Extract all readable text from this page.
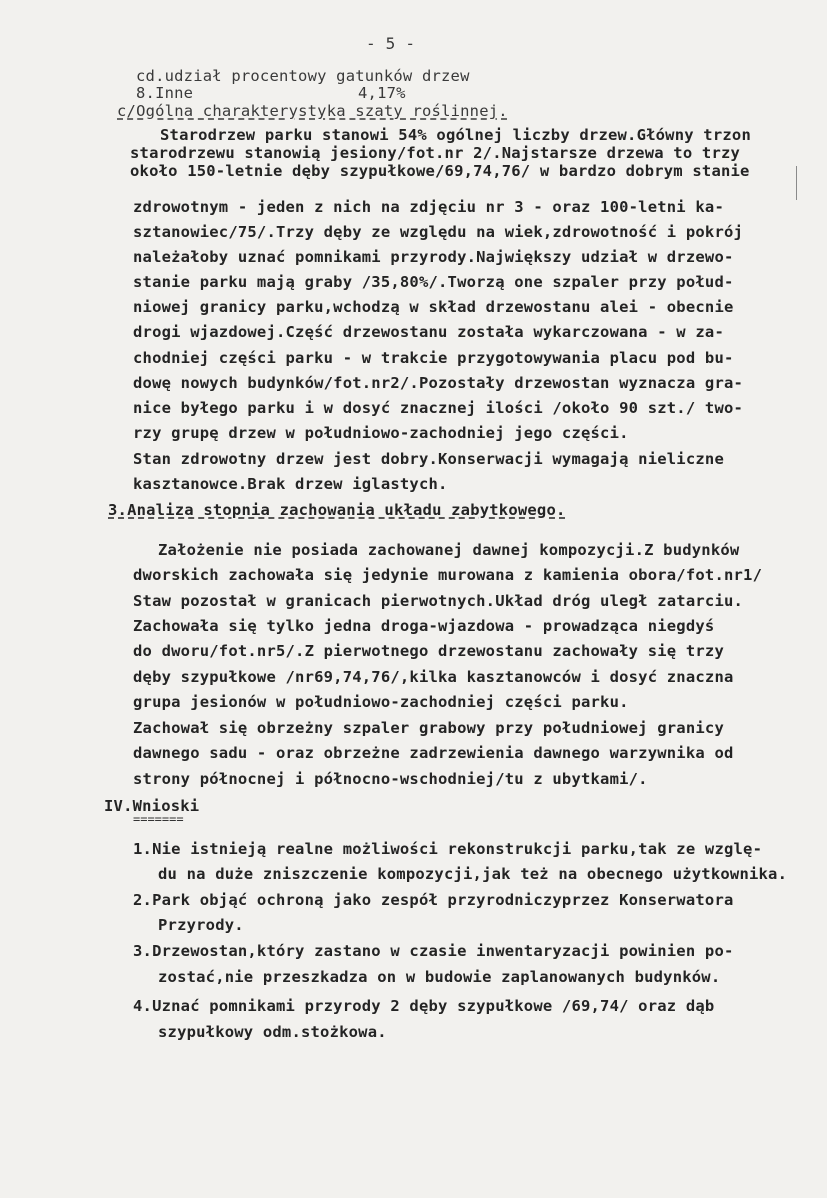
- 5 -
cd.udział procentowy gatunków drzew
8.Inne	4,17%
c/Ogólna charakterystyka szaty roślinnej.
Starodrzew parku stanowi 54% ogólnej liczby drzew.Główny trzon
starodrzewu stanowią jesiony/fot.nr 2/.Najstarsze drzewa to trzy
około 150-letnie dęby szypułkowe/69,74,76/ w bardzo dobrym stanie
zdrowotnym - jeden z nich na zdjęciu nr 3 - oraz 100-letni ka-
sztanowiec/75/.Trzy dęby ze względu na wiek,zdrowotność i pokrój
należałoby uznać pomnikami przyrody.Największy udział w drzewo-
stanie parku mają graby /35,80%/.Tworzą one szpaler przy połud-
niowej granicy parku,wchodzą w skład drzewostanu alei - obecnie
drogi wjazdowej.Część drzewostanu została wykarczowana - w za-
chodniej części parku - w trakcie przygotowywania placu pod bu-
dowę nowych budynków/fot.nr2/.Pozostały drzewostan wyznacza gra-
nice byłego parku i w dosyć znacznej ilości /około 90 szt./ two-
rzy grupę drzew w południowo-zachodniej jego części.
Stan zdrowotny drzew jest dobry.Konserwacji wymagają nieliczne
kasztanowce.Brak drzew iglastych.
3.Analiza stopnia zachowania układu zabytkowego.
Założenie nie posiada zachowanej dawnej kompozycji.Z budynków
dworskich zachowała się jedynie murowana z kamienia obora/fot.nr1/
Staw pozostał w granicach pierwotnych.Układ dróg uległ zatarciu.
Zachowała się tylko jedna droga-wjazdowa - prowadząca niegdyś
do dworu/fot.nr5/.Z pierwotnego drzewostanu zachowały się trzy
dęby szypułkowe /nr69,74,76/,kilka kasztanowców i dosyć znaczna
grupa jesionów w południowo-zachodniej części parku.
Zachował się obrzeżny szpaler grabowy przy południowej granicy
dawnego sadu - oraz obrzeżne zadrzewienia dawnego warzywnika od
strony północnej i północno-wschodniej/tu z ubytkami/.
IV.Wnioski
=======
1.Nie istnieją realne możliwości rekonstrukcji parku,tak ze wzglę-
du na duże zniszczenie kompozycji,jak też na obecnego użytkownika.
2.Park objąć ochroną jako zespół przyrodniczyprzez Konserwatora
Przyrody.
3.Drzewostan,który zastano w czasie inwentaryzacji powinien po-
zostać,nie przeszkadza on w budowie zaplanowanych budynków.
4.Uznać pomnikami przyrody 2 dęby szypułkowe /69,74/ oraz dąb
szypułkowy odm.stożkowa.
